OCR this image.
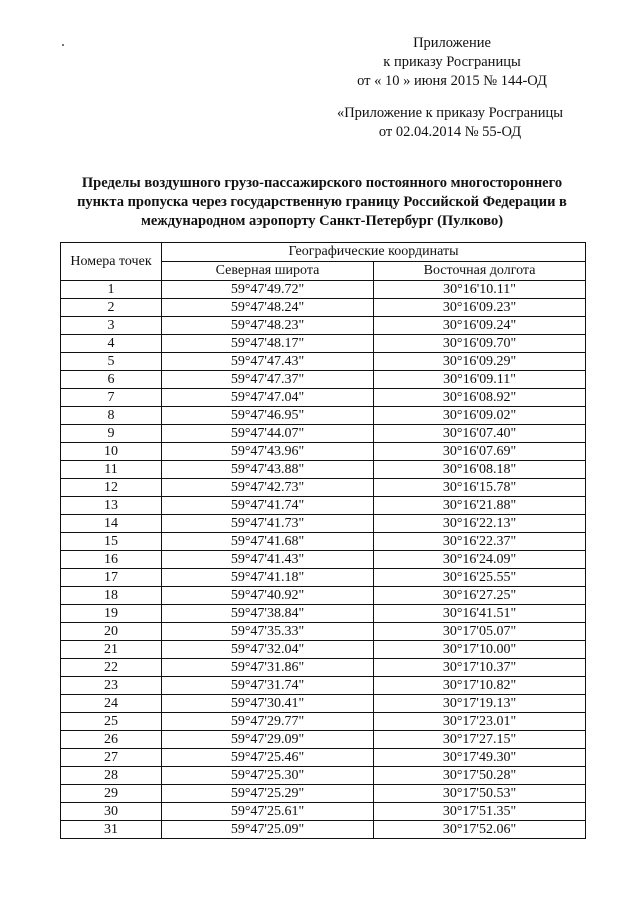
Приложение
к приказу Росграницы
от « 10 » июня 2015 № 144-ОД
«Приложение к приказу Росграницы
от 02.04.2014 № 55-ОД
Пределы воздушного грузо-пассажирского постоянного многостороннего
пункта пропуска через государственную границу Российской Федерации в
международном аэропорту Санкт-Петербург (Пулково)
Номера точек	Географические координаты	
	Северная широта	Восточная долгота
1	59°47'49.72"	30°16'10.11"
2	59°47'48.24"	30°16'09.23"
3	59°47'48.23"	30°16'09.24"
4	59°47'48.17"	30°16'09.70"
5	59°47'47.43"	30°16'09.29"
6	59°47'47.37"	30°16'09.11"
7	59°47'47.04"	30°16'08.92"
8	59°47'46.95"	30°16'09.02"
9	59°47'44.07"	30°16'07.40"
10	59°47'43.96"	30°16'07.69"
11	59°47'43.88"	30°16'08.18"
12	59°47'42.73"	30°16'15.78"
13	59°47'41.74"	30°16'21.88"
14	59°47'41.73"	30°16'22.13"
15	59°47'41.68"	30°16'22.37"
16	59°47'41.43"	30°16'24.09"
17	59°47'41.18"	30°16'25.55"
18	59°47'40.92"	30°16'27.25"
19	59°47'38.84"	30°16'41.51"
20	59°47'35.33"	30°17'05.07"
21	59°47'32.04"	30°17'10.00"
22	59°47'31.86"	30°17'10.37"
23	59°47'31.74"	30°17'10.82"
24	59°47'30.41"	30°17'19.13"
25	59°47'29.77"	30°17'23.01"
26	59°47'29.09"	30°17'27.15"
27	59°47'25.46"	30°17'49.30"
28	59°47'25.30"	30°17'50.28"
29	59°47'25.29"	30°17'50.53"
30	59°47'25.61"	30°17'51.35"
31	59°47'25.09"	30°17'52.06"
